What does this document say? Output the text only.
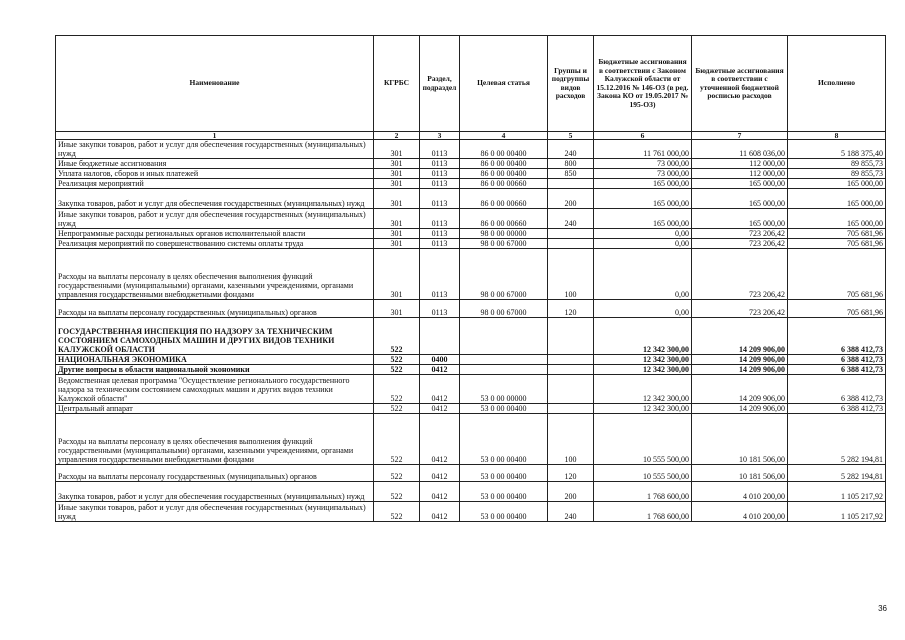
Наименование	КГРБС	Раздел, подраздел	Целевая статья	Группы и подгруппы видов расходов	Бюджетные ассигнования в соответствии с Законом Калужской области от 15.12.2016 № 146-ОЗ (в ред. Закона КО от 19.05.2017 № 195-ОЗ)	Бюджетные ассигнования в соответствии с уточненной бюджетной росписью расходов	Исполнено
1	2	3	4	5	6	7	8
Иные закупки товаров, работ и услуг для обеспечения государственных (муниципальных) нужд	301	0113	86 0 00 00400	240	11 761 000,00	11 608 036,00	5 188 375,40
Иные бюджетные ассигнования	301	0113	86 0 00 00400	800	73 000,00	112 000,00	89 855,73
Уплата налогов, сборов и иных платежей	301	0113	86 0 00 00400	850	73 000,00	112 000,00	89 855,73
Реализация мероприятий	301	0113	86 0 00 00660		165 000,00	165 000,00	165 000,00
Закупка товаров, работ и услуг для обеспечения государственных (муниципальных) нужд	301	0113	86 0 00 00660	200	165 000,00	165 000,00	165 000,00
Иные закупки товаров, работ и услуг для обеспечения государственных (муниципальных) нужд	301	0113	86 0 00 00660	240	165 000,00	165 000,00	165 000,00
Непрограммные расходы региональных органов исполнительной власти	301	0113	98 0 00 00000		0,00	723 206,42	705 681,96
Реализация мероприятий по совершенствованию системы оплаты труда	301	0113	98 0 00 67000		0,00	723 206,42	705 681,96
Расходы на выплаты персоналу в целях обеспечения выполнения функций государственными (муниципальными) органами, казенными учреждениями, органами управления государственными внебюджетными фондами	301	0113	98 0 00 67000	100	0,00	723 206,42	705 681,96
Расходы на выплаты персоналу государственных (муниципальных) органов	301	0113	98 0 00 67000	120	0,00	723 206,42	705 681,96
ГОСУДАРСТВЕННАЯ ИНСПЕКЦИЯ ПО НАДЗОРУ ЗА ТЕХНИЧЕСКИМ СОСТОЯНИЕМ САМОХОДНЫХ МАШИН И ДРУГИХ ВИДОВ ТЕХНИКИ КАЛУЖСКОЙ ОБЛАСТИ	522				12 342 300,00	14 209 906,00	6 388 412,73
НАЦИОНАЛЬНАЯ ЭКОНОМИКА	522	0400			12 342 300,00	14 209 906,00	6 388 412,73
Другие вопросы в области национальной экономики	522	0412			12 342 300,00	14 209 906,00	6 388 412,73
Ведомственная целевая программа "Осуществление регионального государственного надзора за техническим состоянием самоходных машин и других видов техники Калужской области"	522	0412	53 0 00 00000		12 342 300,00	14 209 906,00	6 388 412,73
Центральный аппарат	522	0412	53 0 00 00400		12 342 300,00	14 209 906,00	6 388 412,73
Расходы на выплаты персоналу в целях обеспечения выполнения функций государственными (муниципальными) органами, казенными учреждениями, органами управления государственными внебюджетными фондами	522	0412	53 0 00 00400	100	10 555 500,00	10 181 506,00	5 282 194,81
Расходы на выплаты персоналу государственных (муниципальных) органов	522	0412	53 0 00 00400	120	10 555 500,00	10 181 506,00	5 282 194,81
Закупка товаров, работ и услуг для обеспечения государственных (муниципальных) нужд	522	0412	53 0 00 00400	200	1 768 600,00	4 010 200,00	1 105 217,92
Иные закупки товаров, работ и услуг для обеспечения государственных (муниципальных) нужд	522	0412	53 0 00 00400	240	1 768 600,00	4 010 200,00	1 105 217,92
36
